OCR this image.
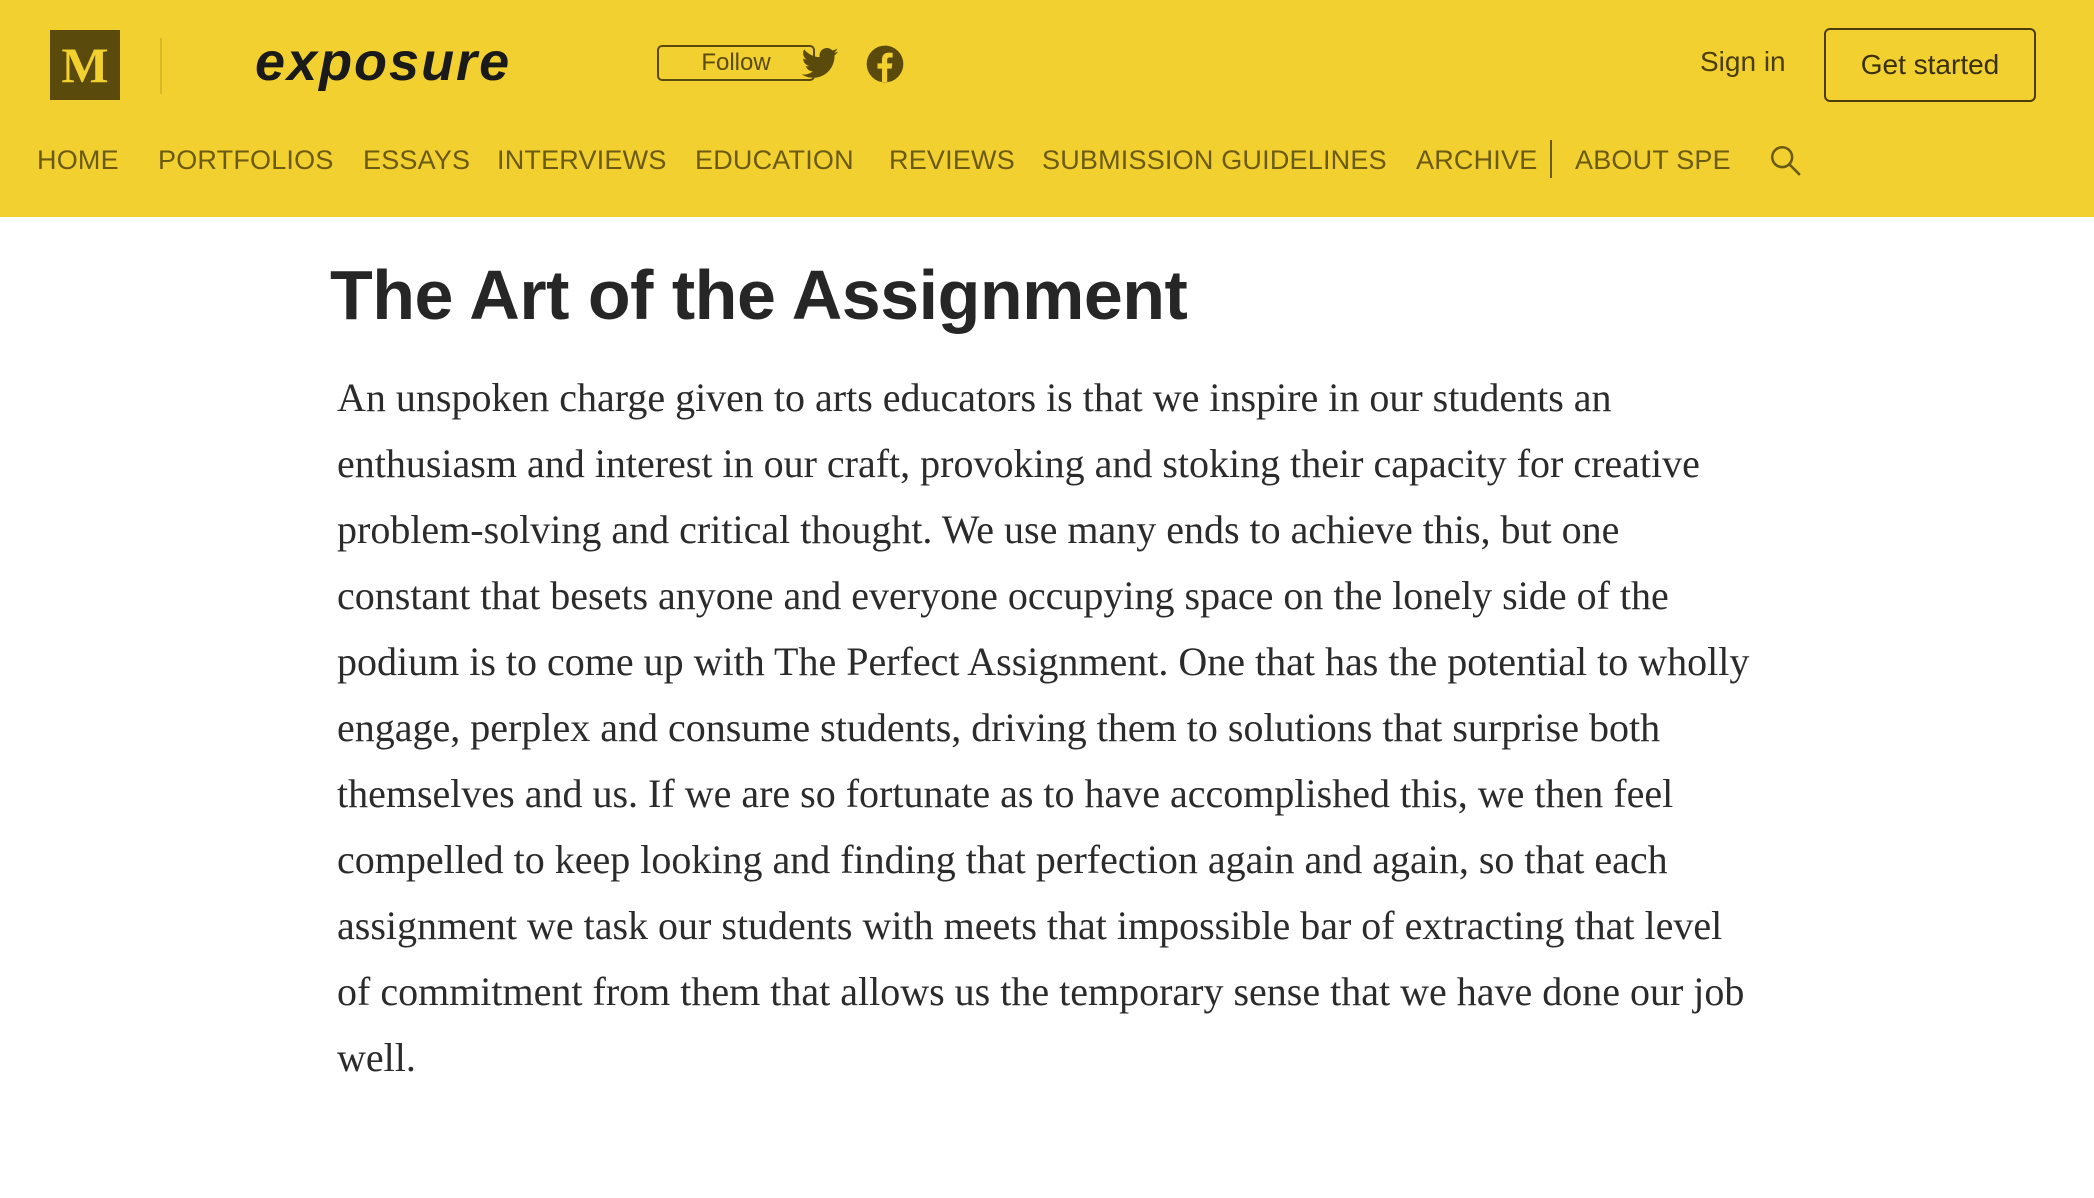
M	exposure	Follow	Sign in	Get started
HOME PORTFOLIOS ESSAYS INTERVIEWS EDUCATION REVIEWS SUBMISSION GUIDELINES ARCHIVE ABOUT SPE
The Art of the Assignment

An unspoken charge given to arts educators is that we inspire in our students an enthusiasm and interest in our craft, provoking and stoking their capacity for creative problem-solving and critical thought. We use many ends to achieve this, but one constant that besets anyone and everyone occupying space on the lonely side of the podium is to come up with The Perfect Assignment. One that has the potential to wholly engage, perplex and consume students, driving them to solutions that surprise both themselves and us. If we are so fortunate as to have accomplished this, we then feel compelled to keep looking and finding that perfection again and again, so that each assignment we task our students with meets that impossible bar of extracting that level of commitment from them that allows us the temporary sense that we have done our job well.
